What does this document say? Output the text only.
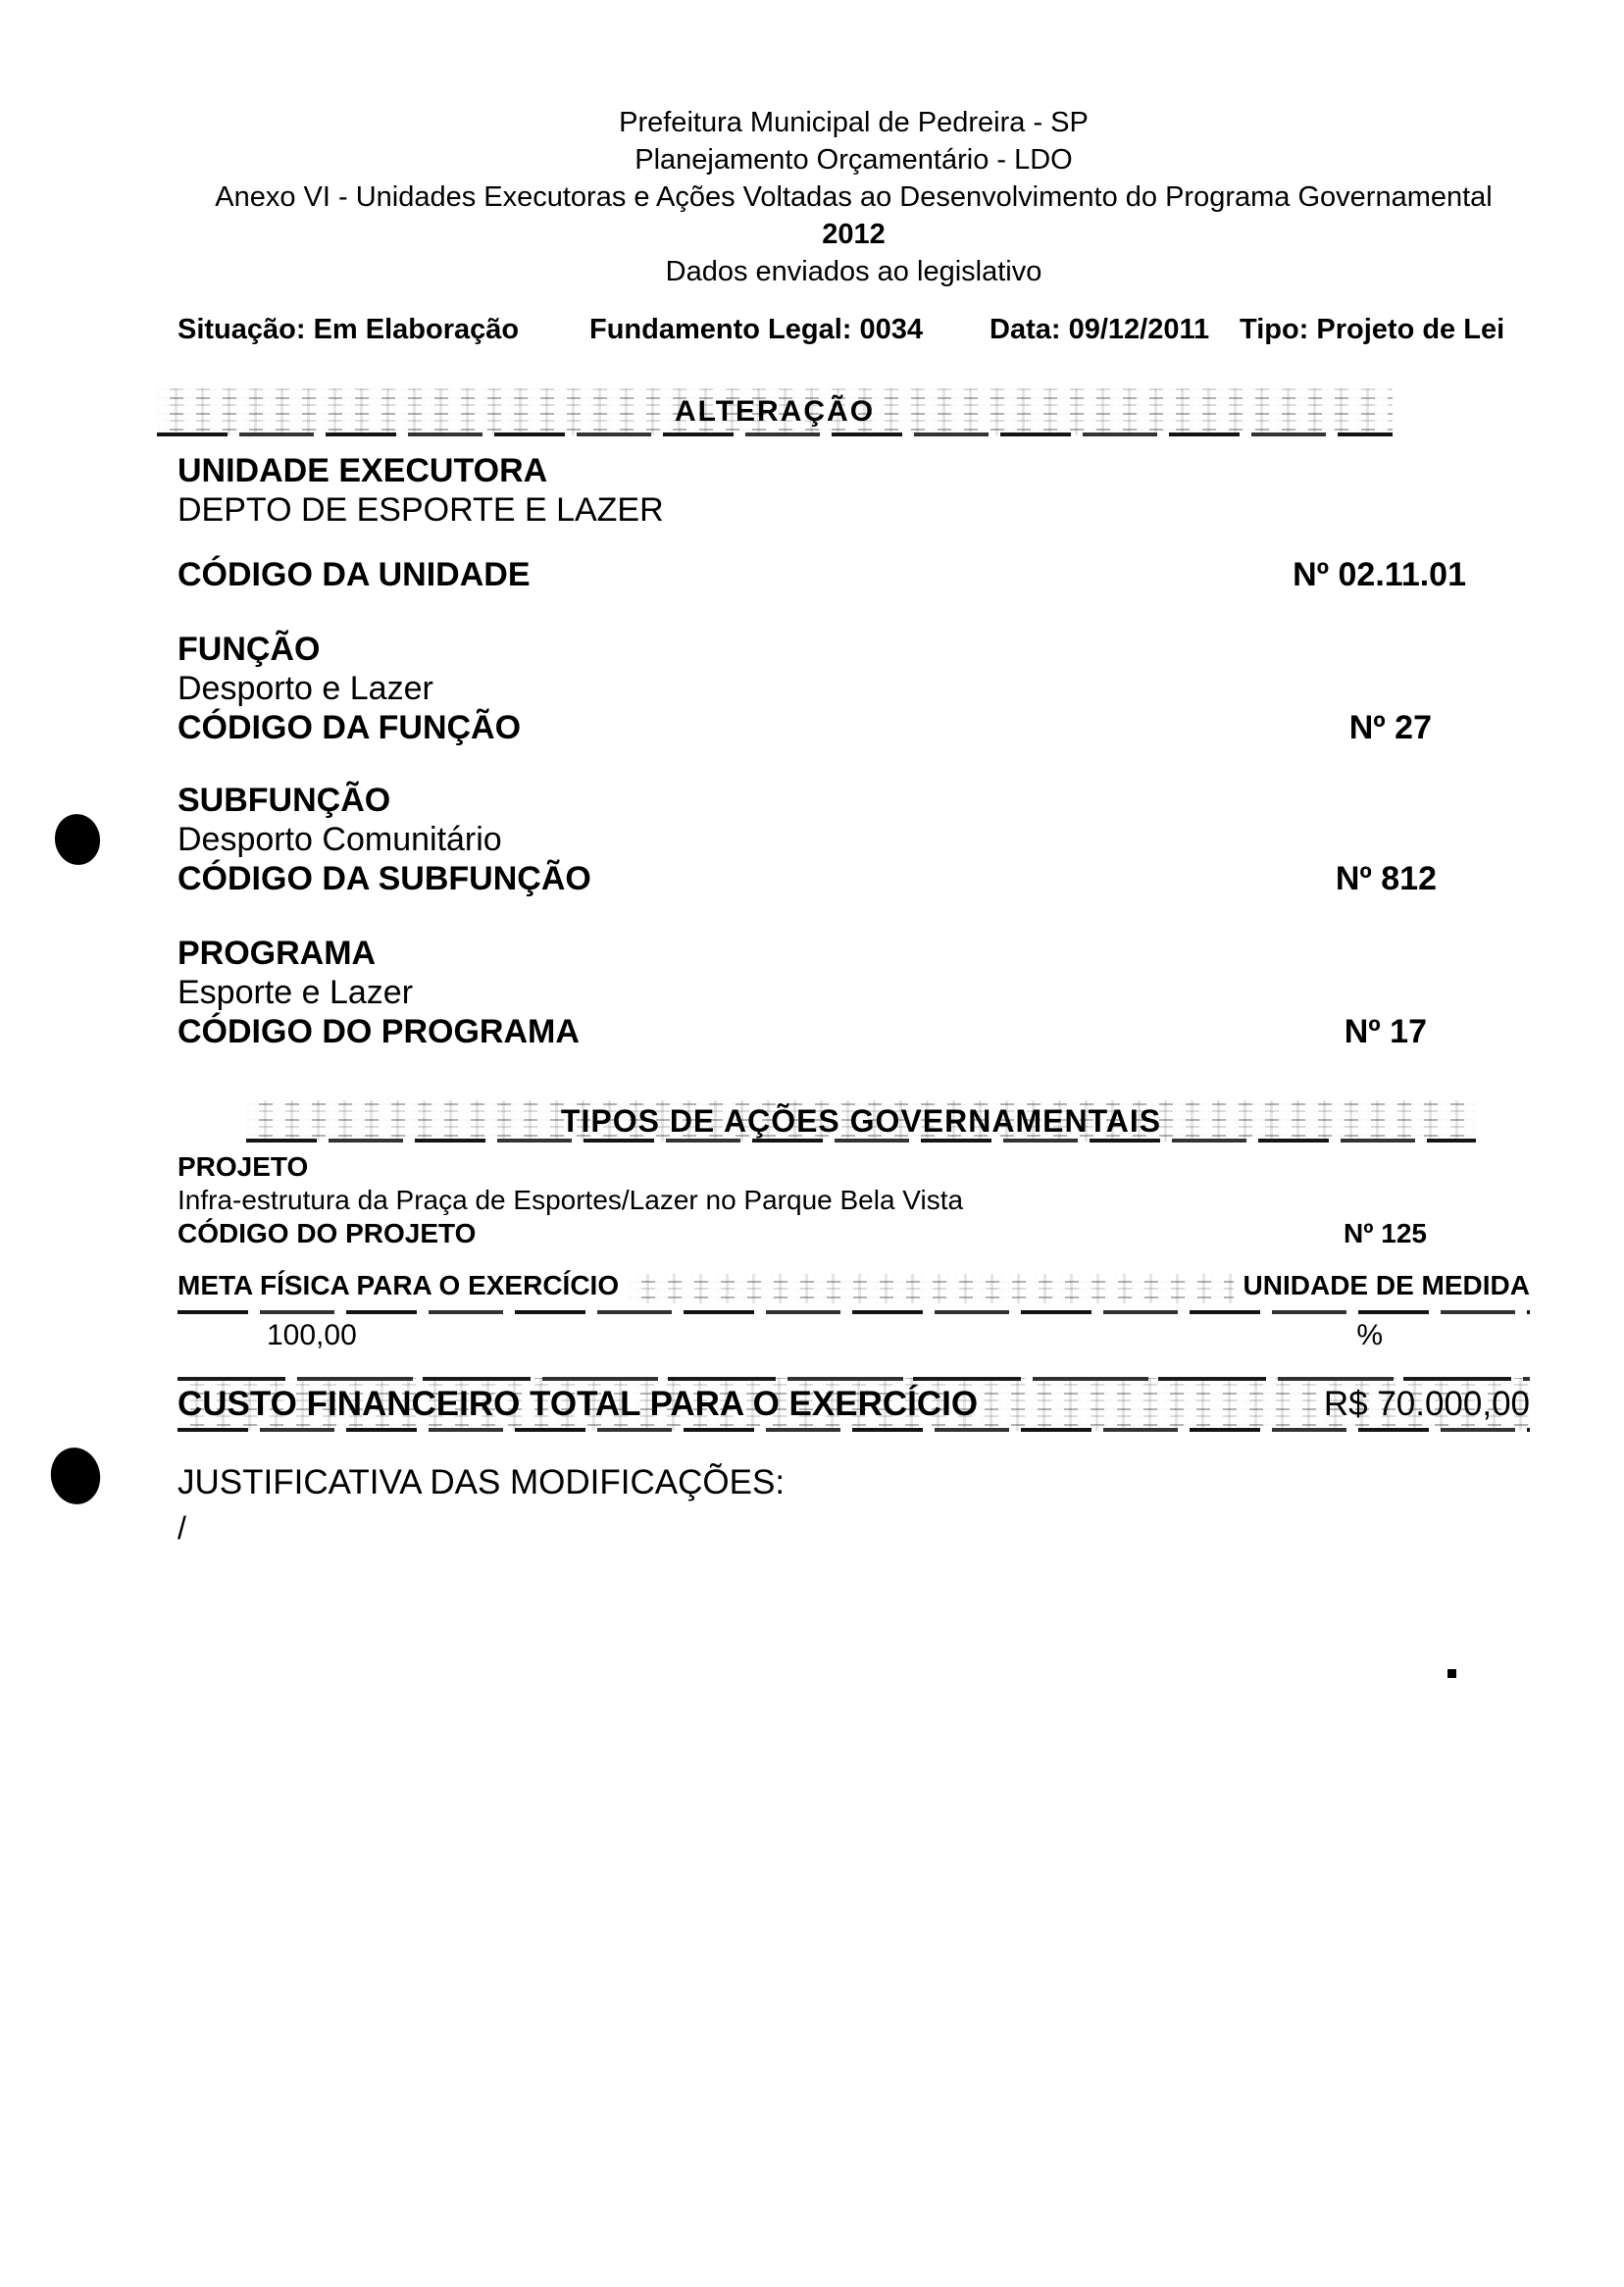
Prefeitura Municipal de Pedreira - SP
Planejamento Orçamentário - LDO
Anexo VI - Unidades Executoras e Ações Voltadas ao Desenvolvimento do Programa Governamental
2012
Dados enviados ao legislativo
Situação: Em Elaboração Fundamento Legal: 0034 Data: 09/12/2011 Tipo: Projeto de Lei
ALTERAÇÃO
UNIDADE EXECUTORA
DEPTO DE ESPORTE E LAZER
CÓDIGO DA UNIDADE	Nº 02.11.01
FUNÇÃO
Desporto e Lazer
CÓDIGO DA FUNÇÃO	Nº 27
SUBFUNÇÃO
Desporto Comunitário
CÓDIGO DA SUBFUNÇÃO	Nº 812
PROGRAMA
Esporte e Lazer
CÓDIGO DO PROGRAMA	Nº 17
TIPOS DE AÇÕES GOVERNAMENTAIS
PROJETO
Infra-estrutura da Praça de Esportes/Lazer no Parque Bela Vista
CÓDIGO DO PROJETO	Nº 125
META FÍSICA PARA O EXERCÍCIO	UNIDADE DE MEDIDA
100,00	%
CUSTO FINANCEIRO TOTAL PARA O EXERCÍCIO	R$ 70.000,00
JUSTIFICATIVA DAS MODIFICAÇÕES:
/
